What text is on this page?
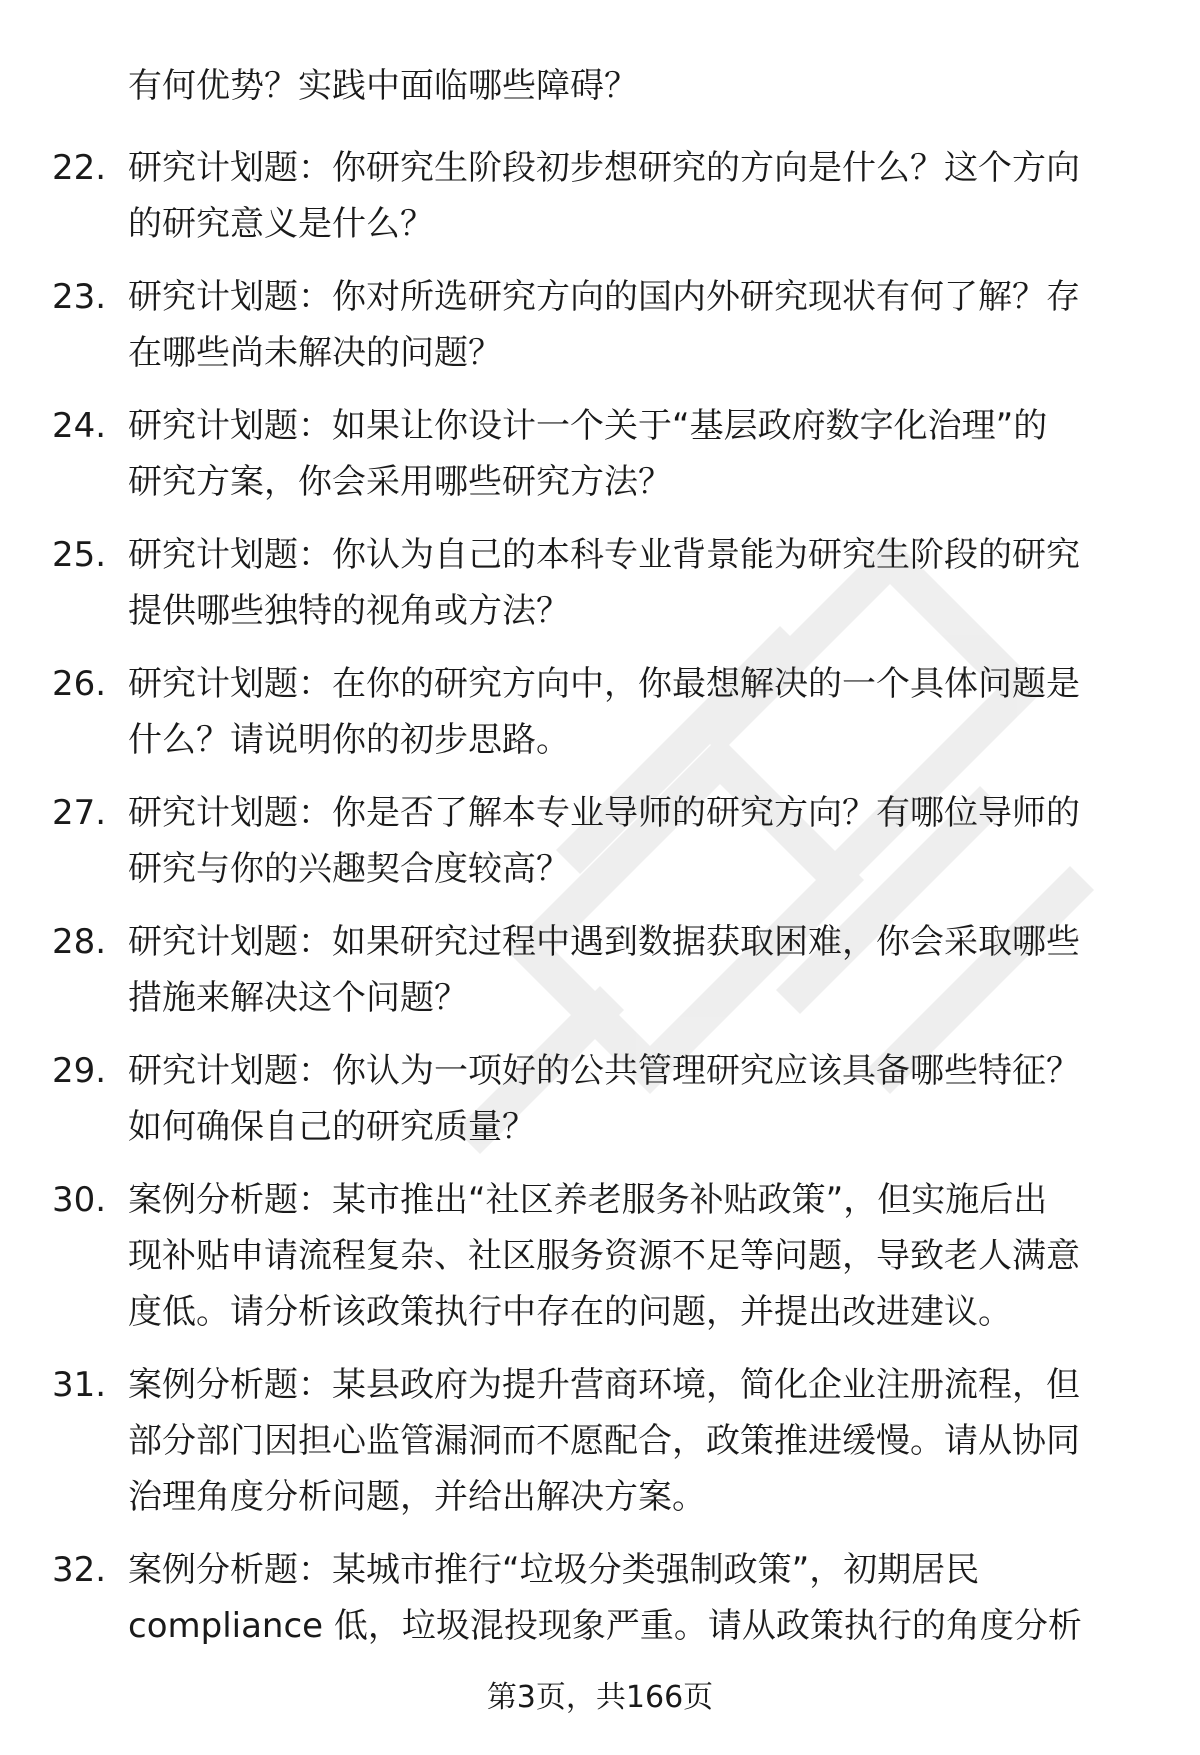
有何优势？实践中面临哪些障碍？
22. 研究计划题：你研究生阶段初步想研究的方向是什么？这个方向
的研究意义是什么？
23. 研究计划题：你对所选研究方向的国内外研究现状有何了解？存
在哪些尚未解决的问题？
24. 研究计划题：如果让你设计一个关于“基层政府数字化治理”的
研究方案，你会采用哪些研究方法？
25. 研究计划题：你认为自己的本科专业背景能为研究生阶段的研究
提供哪些独特的视角或方法？
26. 研究计划题：在你的研究方向中，你最想解决的一个具体问题是
什么？请说明你的初步思路。
27. 研究计划题：你是否了解本专业导师的研究方向？有哪位导师的
研究与你的兴趣契合度较高？
28. 研究计划题：如果研究过程中遇到数据获取困难，你会采取哪些
措施来解决这个问题？
29. 研究计划题：你认为一项好的公共管理研究应该具备哪些特征？
如何确保自己的研究质量？
30. 案例分析题：某市推出“社区养老服务补贴政策”，但实施后出
现补贴申请流程复杂、社区服务资源不足等问题，导致老人满意
度低。请分析该政策执行中存在的问题，并提出改进建议。
31. 案例分析题：某县政府为提升营商环境，简化企业注册流程，但
部分部门因担心监管漏洞而不愿配合，政策推进缓慢。请从协同
治理角度分析问题，并给出解决方案。
32. 案例分析题：某城市推行“垃圾分类强制政策”，初期居民
compliance 低，垃圾混投现象严重。请从政策执行的角度分析
第3页，共166页
